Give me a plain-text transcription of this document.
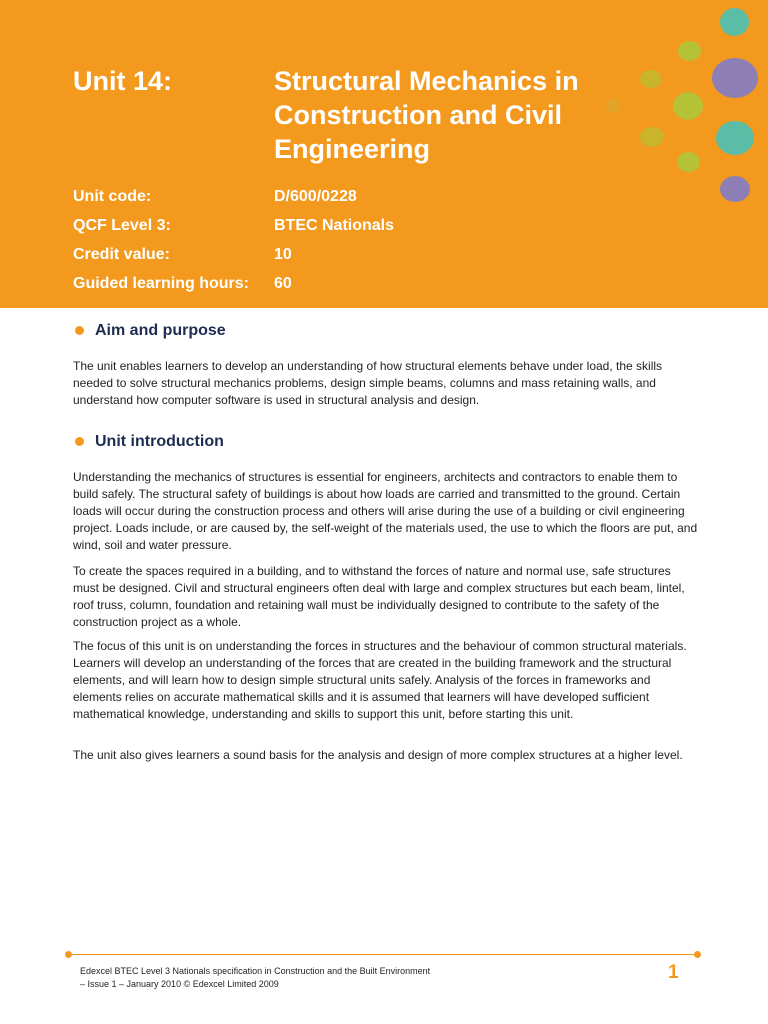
Unit 14:	Structural Mechanics in Construction and Civil Engineering
Unit code:	D/600/0228
QCF Level 3:	BTEC Nationals
Credit value:	10
Guided learning hours: 60
Aim and purpose

The unit enables learners to develop an understanding of how structural elements behave under load, the skills needed to solve structural mechanics problems, design simple beams, columns and mass retaining walls, and understand how computer software is used in structural analysis and design.

Unit introduction

Understanding the mechanics of structures is essential for engineers, architects and contractors to enable them to build safely. The structural safety of buildings is about how loads are carried and transmitted to the ground. Certain loads will occur during the construction process and others will arise during the use of a building or civil engineering project. Loads include, or are caused by, the self-weight of the materials used, the use to which the floors are put, and wind, soil and water pressure.

To create the spaces required in a building, and to withstand the forces of nature and normal use, safe structures must be designed. Civil and structural engineers often deal with large and complex structures but each beam, lintel, roof truss, column, foundation and retaining wall must be individually designed to contribute to the safety of the construction project as a whole.

The focus of this unit is on understanding the forces in structures and the behaviour of common structural materials. Learners will develop an understanding of the forces that are created in the building framework and the structural elements, and will learn how to design simple structural units safely. Analysis of the forces in frameworks and elements relies on accurate mathematical skills and it is assumed that learners will have developed sufficient mathematical knowledge, understanding and skills to support this unit, before starting this unit.

The unit also gives learners a sound basis for the analysis and design of more complex structures at a higher level.

Edexcel BTEC Level 3 Nationals specification in Construction and the Built Environment
– Issue 1 – January 2010 © Edexcel Limited 2009
1
